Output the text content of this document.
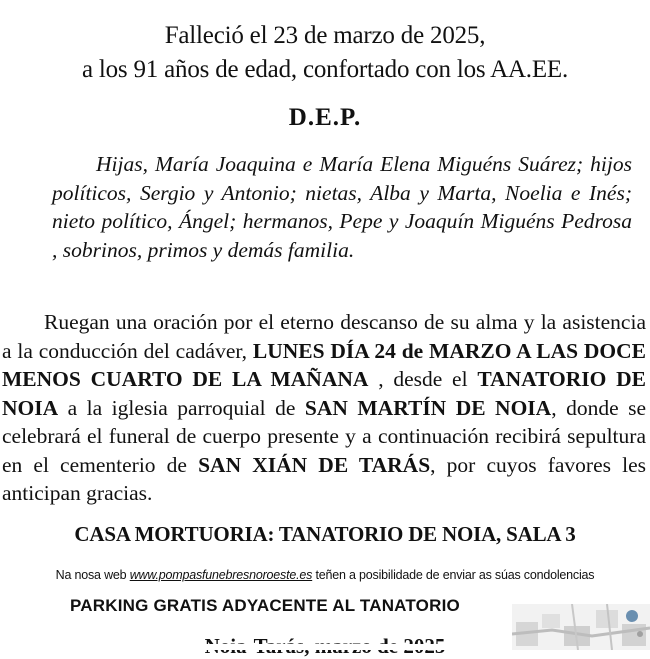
Falleció el 23 de marzo de 2025,
a los 91 años de edad, confortado con los AA.EE.
D.E.P.
Hijas, María Joaquina e María Elena Miguéns Suárez; hijos políticos, Sergio y Antonio; nietas, Alba y Marta, Noelia e Inés; nieto político, Ángel; hermanos, Pepe y Joaquín Miguéns Pedrosa , sobrinos, primos y demás familia.
Ruegan una oración por el eterno descanso de su alma y la asistencia a la conducción del cadáver, LUNES DÍA 24 de MARZO A LAS DOCE MENOS CUARTO DE LA MAÑANA , desde el TANATORIO DE NOIA a la iglesia parroquial de SAN MARTÍN DE NOIA, donde se celebrará el funeral de cuerpo presente y a continuación recibirá sepultura en el cementerio de SAN XIÁN DE TARÁS, por cuyos favores les anticipan gracias.
CASA MORTUORIA: TANATORIO DE NOIA, SALA 3
Na nosa web www.pompasfunebresnoroeste.es teñen a posibilidade de enviar as súas condolencias
PARKING GRATIS ADYACENTE AL TANATORIO
